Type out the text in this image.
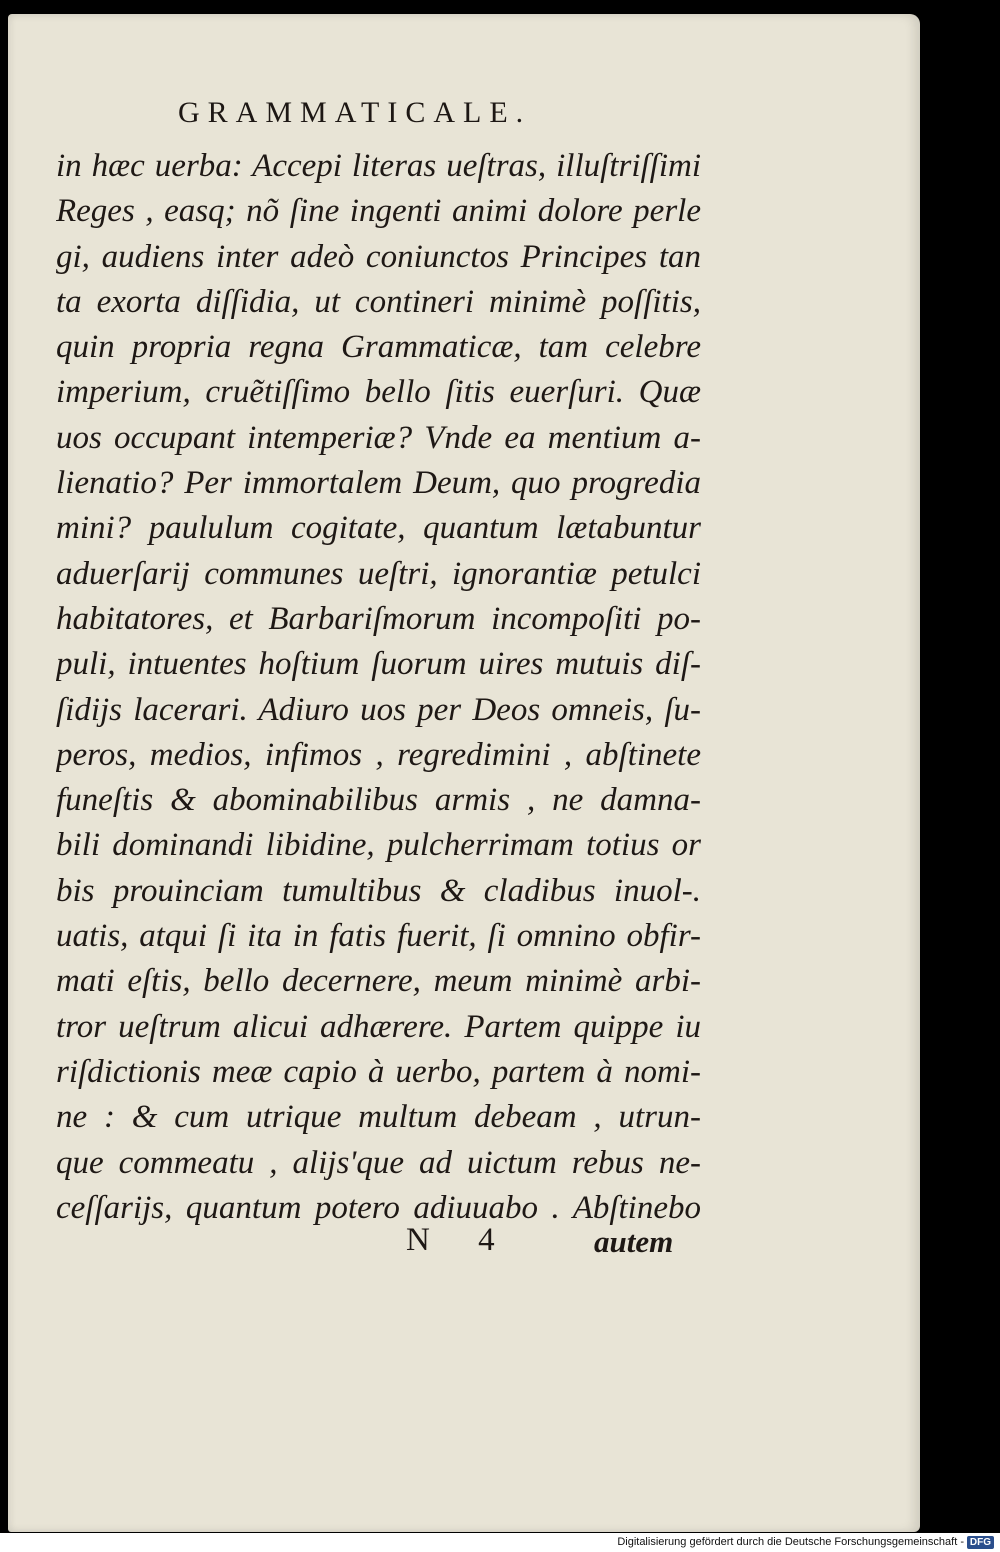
GRAMMATICALE.
in hæc uerba: Accepi literas ueſtras, illuſtriſſimi
Reges , easq; nõ ſine ingenti animi dolore perle
gi, audiens inter adeò coniunctos Principes tan
ta exorta diſſidia, ut contineri minimè poſſitis,
quin propria regna Grammaticæ, tam celebre
imperium, cruẽtiſſimo bello ſitis euerſuri. Quæ
uos occupant intemperiæ? Vnde ea mentium a-
lienatio? Per immortalem Deum, quo progredia
mini? paululum cogitate, quantum lætabuntur
aduerſarij communes ueſtri, ignorantiæ petulci
habitatores, et Barbariſmorum incompoſiti po-
puli, intuentes hoſtium ſuorum uires mutuis diſ-
ſidijs lacerari. Adiuro uos per Deos omneis, ſu-
peros, medios, infimos , regredimini , abſtinete
funeſtis & abominabilibus armis , ne damna-
bili dominandi libidine, pulcherrimam totius or
bis prouinciam tumultibus & cladibus inuol-.
uatis, atqui ſi ita in fatis fuerit, ſi omnino obfir-
mati eſtis, bello decernere, meum minimè arbi-
tror ueſtrum alicui adhærere. Partem quippe iu
riſdictionis meæ capio à uerbo, partem à nomi-
ne : & cum utrique multum debeam , utrun-
que commeatu , alijs'que ad uictum rebus ne-
ceſſarijs, quantum potero adiuuabo . Abſtinebo
N 4	autem
Digitalisierung gefördert durch die Deutsche Forschungsgemeinschaft - DFG
